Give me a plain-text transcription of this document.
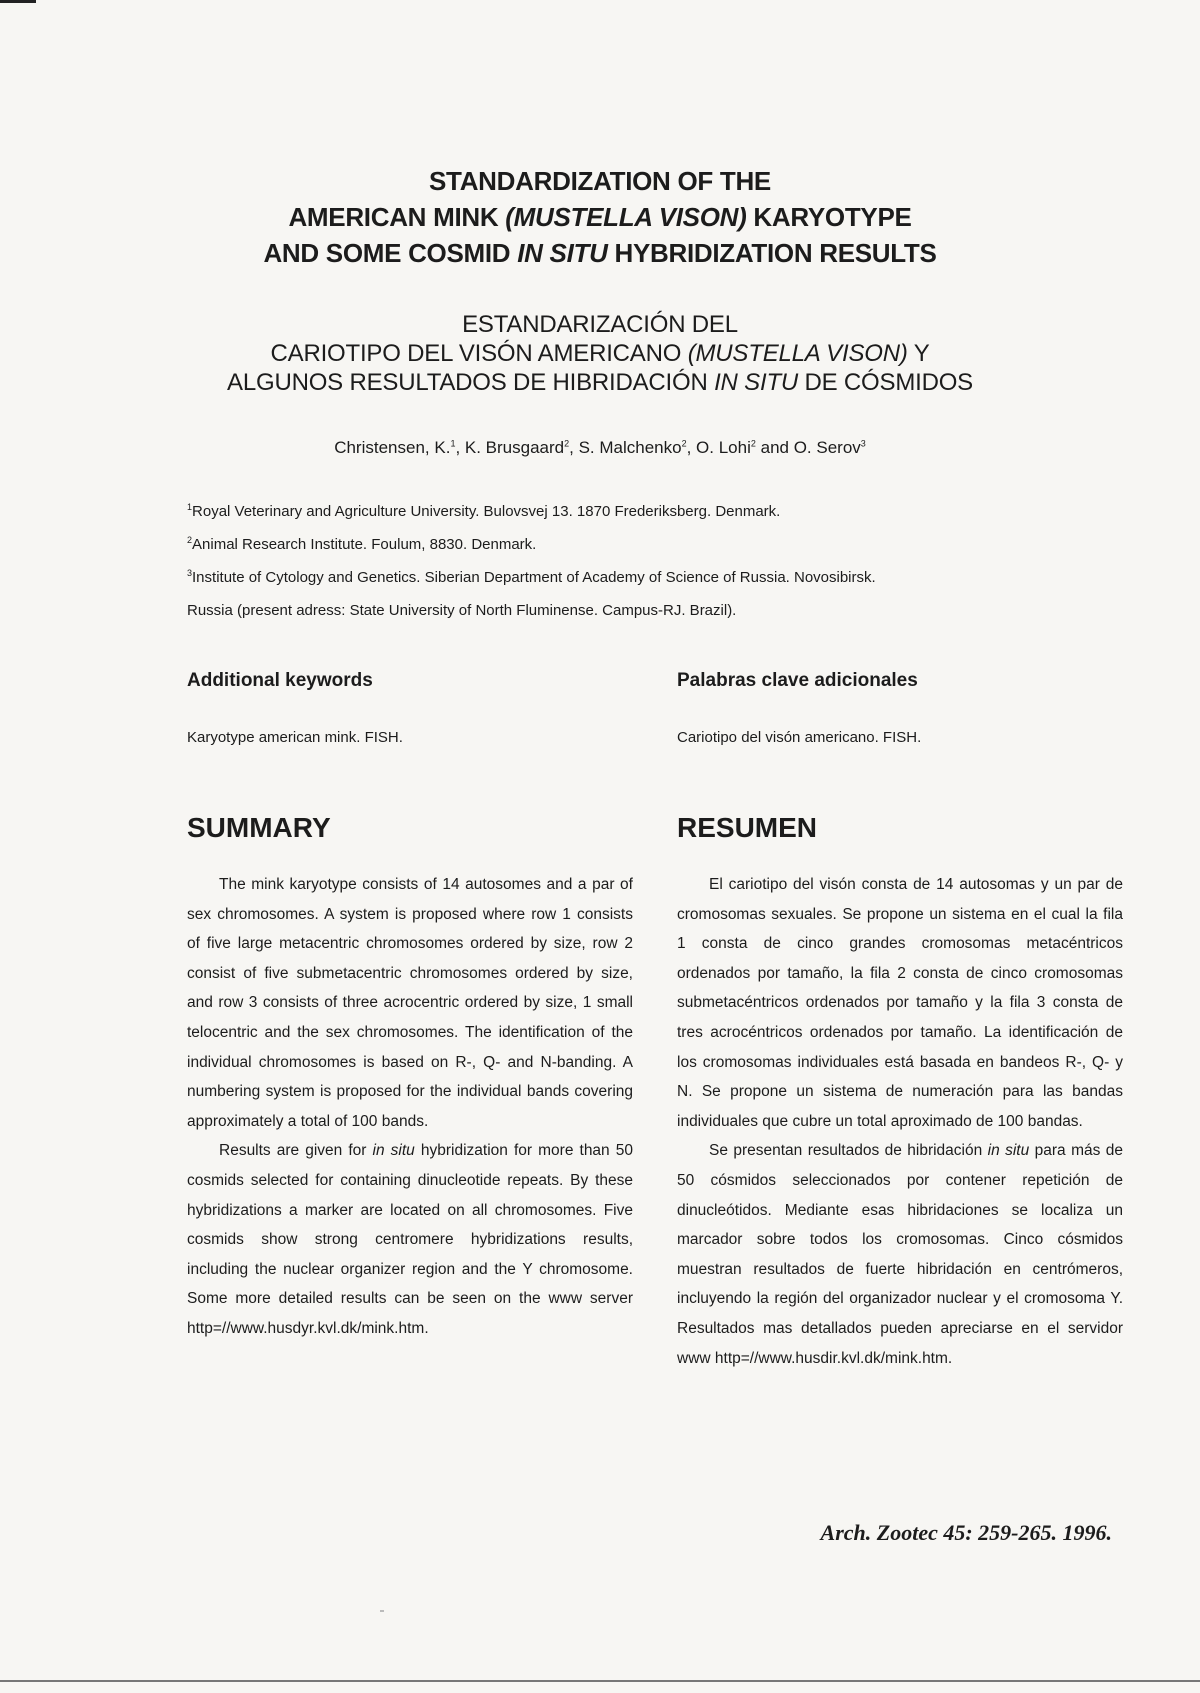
STANDARDIZATION OF THE
AMERICAN MINK (MUSTELLA VISON) KARYOTYPE
AND SOME COSMID IN SITU HYBRIDIZATION RESULTS
ESTANDARIZACIÓN DEL
CARIOTIPO DEL VISÓN AMERICANO (MUSTELLA VISON) Y
ALGUNOS RESULTADOS DE HIBRIDACIÓN IN SITU DE CÓSMIDOS
Christensen, K.$^1$, K. Brusgaard$^2$, S. Malchenko$^2$, O. Lohi$^2$ and O. Serov$^3$
$^1$Royal Veterinary and Agriculture University. Bulovsvej 13. 1870 Frederiksberg. Denmark.
$^2$Animal Research Institute. Foulum, 8830. Denmark.
$^3$Institute of Cytology and Genetics. Siberian Department of Academy of Science of Russia. Novosibirsk.
Russia (present adress: State University of North Fluminense. Campus-RJ. Brazil).
Additional keywords	Palabras clave adicionales
Karyotype american mink. FISH.	Cariotipo del visón americano. FISH.
SUMMARY	RESUMEN

The mink karyotype consists of 14 autosomes and a par of sex chromosomes. A system is proposed where row 1 consists of five large metacentric chromosomes ordered by size, row 2 consist of five submetacentric chromosomes ordered by size, and row 3 consists of three acrocentric ordered by size, 1 small telocentric and the sex chromosomes. The identification of the individual chromosomes is based on R-, Q- and N-banding. A numbering system is proposed for the individual bands covering approximately a total of 100 bands.

Results are given for in situ hybridization for more than 50 cosmids selected for containing dinucleotide repeats. By these hybridizations a marker are located on all chromosomes. Five cosmids show strong centromere hybridizations results, including the nuclear organizer region and the Y chromosome. Some more detailed results can be seen on the www server http=//www.husdyr.kvl.dk/mink.htm.

El cariotipo del visón consta de 14 autosomas y un par de cromosomas sexuales. Se propone un sistema en el cual la fila 1 consta de cinco grandes cromosomas metacéntricos ordenados por tamaño, la fila 2 consta de cinco cromosomas submetacéntricos ordenados por tamaño y la fila 3 consta de tres acrocéntricos ordenados por tamaño. La identificación de los cromosomas individuales está basada en bandeos R-, Q- y N. Se propone un sistema de numeración para las bandas individuales que cubre un total aproximado de 100 bandas.

Se presentan resultados de hibridación in situ para más de 50 cósmidos seleccionados por contener repetición de dinucleótidos. Mediante esas hibridaciones se localiza un marcador sobre todos los cromosomas. Cinco cósmidos muestran resultados de fuerte hibridación en centrómeros, incluyendo la región del organizador nuclear y el cromosoma Y. Resultados mas detallados pueden apreciarse en el servidor www http=//www.husdir.kvl.dk/mink.htm.

Arch. Zootec 45: 259-265. 1996.
